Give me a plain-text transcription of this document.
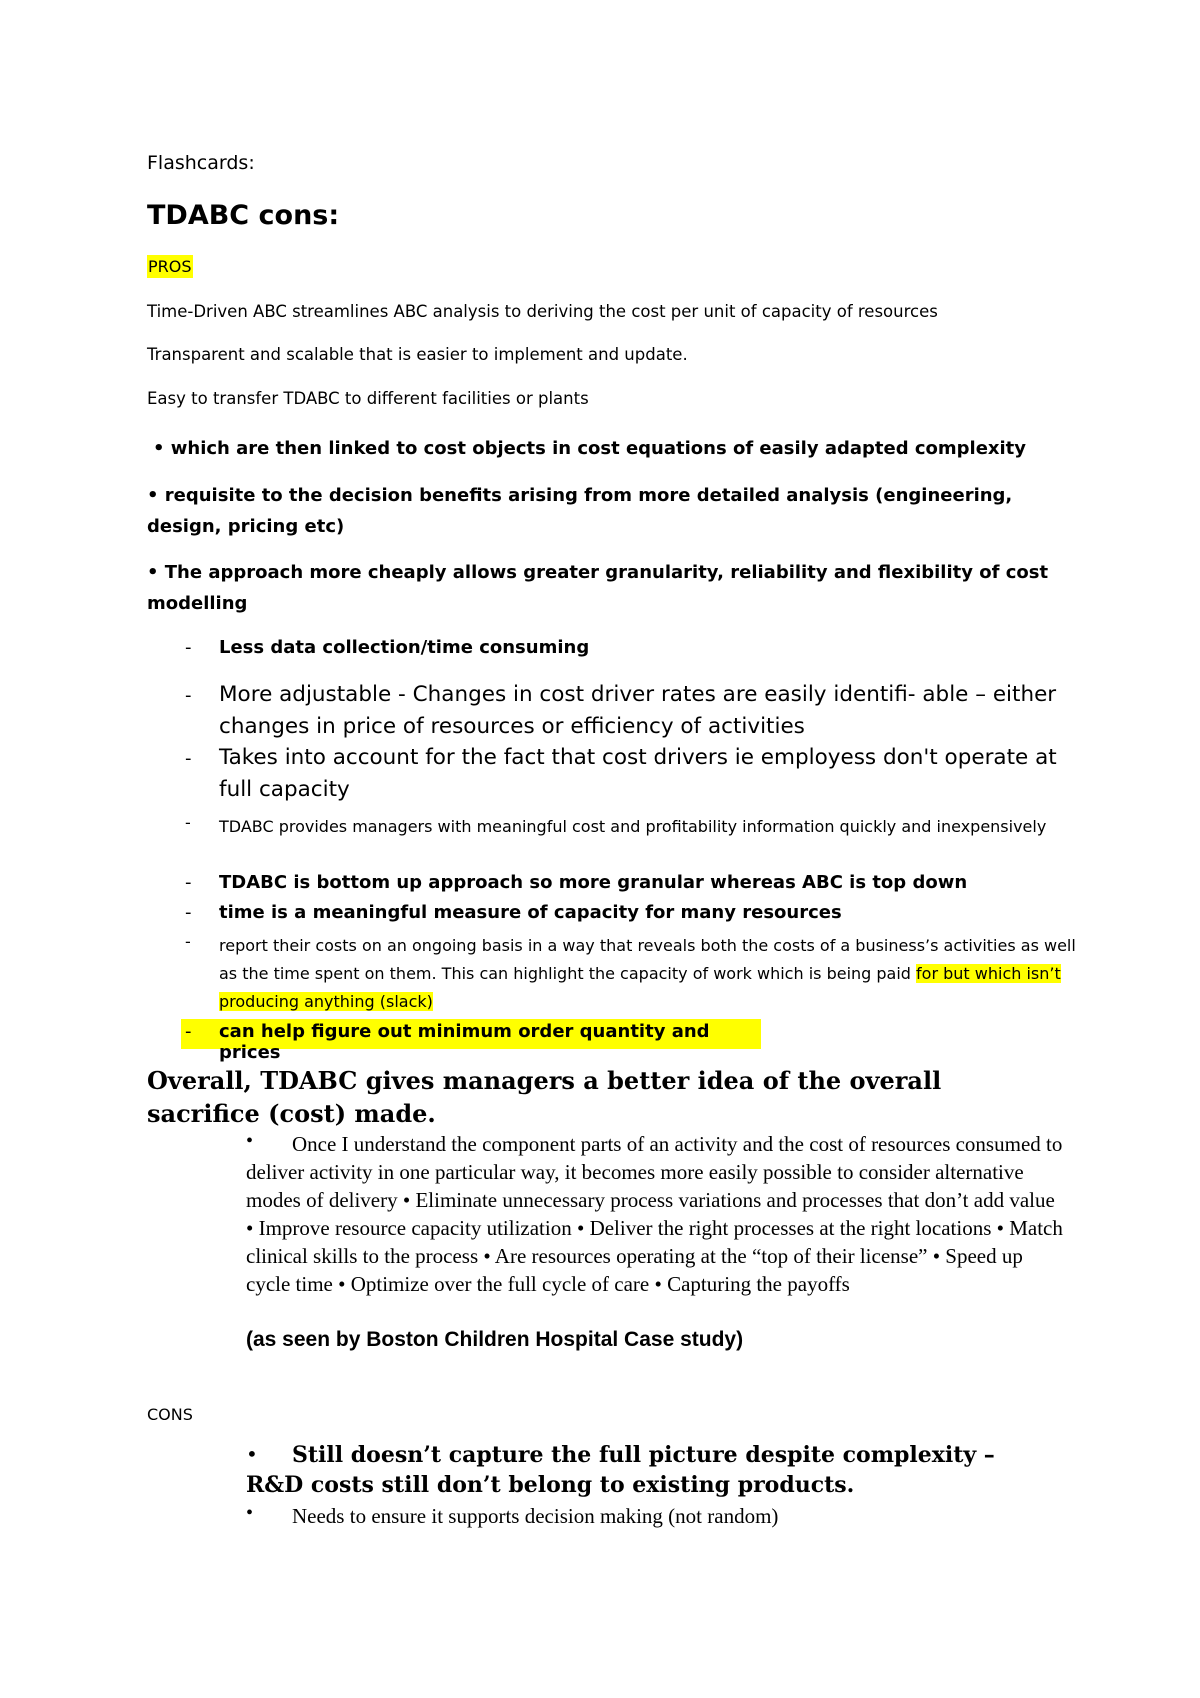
Flashcards:

TDABC cons:
PROS

Time-Driven ABC streamlines ABC analysis to deriving the cost per unit of capacity of resources

Transparent and scalable that is easier to implement and update.

Easy to transfer TDABC to different facilities or plants

• which are then linked to cost objects in cost equations of easily adapted complexity

• requisite to the decision benefits arising from more detailed analysis (engineering, design, pricing etc)

• The approach more cheaply allows greater granularity, reliability and flexibility of cost modelling

- Less data collection/time consuming
- More adjustable - Changes in cost driver rates are easily identifi- able – either changes in price of resources or efficiency of activities
- Takes into account for the fact that cost drivers ie employess don't operate at full capacity
- TDABC provides managers with meaningful cost and profitability information quickly and inexpensively
- TDABC is bottom up approach so more granular whereas ABC is top down
- time is a meaningful measure of capacity for many resources
- report their costs on an ongoing basis in a way that reveals both the costs of a business’s activities as well as the time spent on them. This can highlight the capacity of work which is being paid for but which isn’t producing anything (slack)
- can help figure out minimum order quantity and prices
Overall, TDABC gives managers a better idea of the overall sacrifice (cost) made.
•	Once I understand the component parts of an activity and the cost of resources consumed to deliver activity in one particular way, it becomes more easily possible to consider alternative modes of delivery • Eliminate unnecessary process variations and processes that don’t add value • Improve resource capacity utilization • Deliver the right processes at the right locations • Match clinical skills to the process • Are resources operating at the “top of their license” • Speed up cycle time • Optimize over the full cycle of care • Capturing the payoffs

(as seen by Boston Children Hospital Case study)

CONS

•	Still doesn’t capture the full picture despite complexity – R&D costs still don’t belong to existing products.

•	Needs to ensure it supports decision making (not random)
